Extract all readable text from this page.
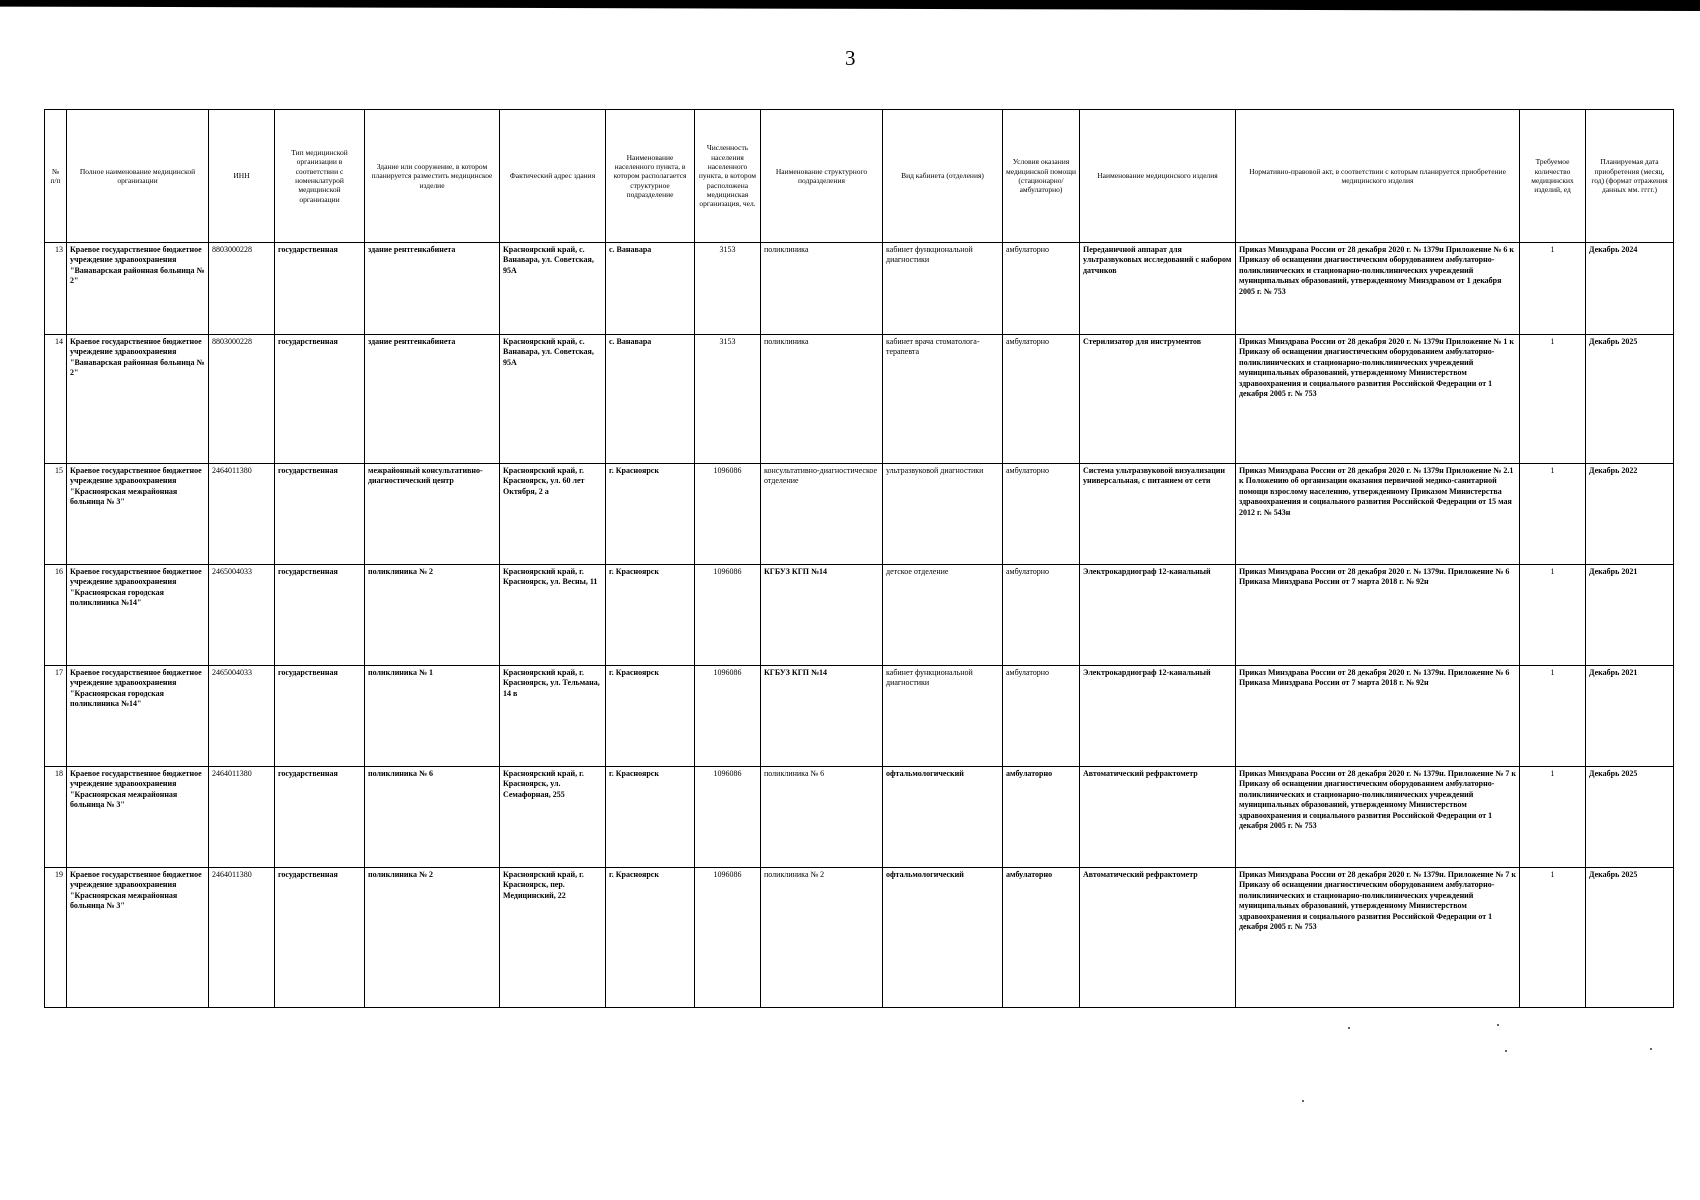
3
№ п/п	Полное наименование медицинской организации	ИНН	Тип медицинской организации в соответствии с номенклатурой медицинской организации	Здание или сооружение, в котором планируется разместить медицинское изделие	Фактический адрес здания	Наименование населенного пункта, в котором располагается структурное подразделение	Численность населения населенного пункта, в котором расположена медицинская организация, чел.	Наименование структурного подразделения	Вид кабинета (отделения)	Условия оказания медицинской помощи (стационарно/ амбулаторно)	Наименование медицинского изделия	Нормативно-правовой акт, в соответствии с которым планируется приобретение медицинского изделия	Требуемое количество медицинских изделий, ед	Планируемая дата приобретения (месяц, год) (формат отражения данных мм. гггг.)
13	Краевое государственное бюджетное учреждение здравоохранения "Ванаварская районная больница № 2"	8803000228	государственная	здание рентгенкабинета	Красноярский край, с. Ванавара, ул. Советская, 95А	с. Ванавара	3153	поликлиника	кабинет функциональной диагностики	амбулаторно	Переданичной аппарат для ультразвуковых исследований с набором датчиков	Приказ Минздрава России от 28 декабря 2020 г. № 1379н Приложение № 6 к Приказу об оснащении диагностическим оборудованием амбулаторно-поликлинических и стационарно-поликлинических учреждений муниципальных образований, утвержденному Минздравом от 1 декабря 2005 г. № 753	1	Декабрь 2024
14	Краевое государственное бюджетное учреждение здравоохранения "Ванаварская районная больница № 2"	8803000228	государственная	здание рентгенкабинета	Красноярский край, с. Ванавара, ул. Советская, 95А	с. Ванавара	3153	поликлиника	кабинет врача стоматолога-терапевта	амбулаторно	Стерилизатор для инструментов	Приказ Минздрава России от 28 декабря 2020 г. № 1379н Приложение № 1 к Приказу об оснащении диагностическим оборудованием амбулаторно-поликлинических и стационарно-поликлинических учреждений муниципальных образований, утвержденному Министерством здравоохранения и социального развития Российской Федерации от 1 декабря 2005 г. № 753	1	Декабрь 2025
15	Краевое государственное бюджетное учреждение здравоохранения "Красноярская межрайонная больница № 3"	2464011380	государственная	межрайонный консультативно-диагностический центр	Красноярский край, г. Красноярск, ул. 60 лет Октября, 2 а	г. Красноярск	1096086	консультативно-диагностическое отделение	ультразвуковой диагностики	амбулаторно	Система ультразвуковой визуализации универсальная, с питанием от сети	Приказ Минздрава России от 28 декабря 2020 г. № 1379н Приложение № 2.1 к Положению об организации оказания первичной медико-санитарной помощи взрослому населению, утвержденному Приказом Министерства здравоохранения и социального развития Российской Федерации от 15 мая 2012 г. № 543н	1	Декабрь 2022
16	Краевое государственное бюджетное учреждение здравоохранения "Красноярская городская поликлиника №14"	2465004033	государственная	поликлиника № 2	Красноярский край, г. Красноярск, ул. Весны, 11	г. Красноярск	1096086	КГБУЗ КГП №14	детское отделение	амбулаторно	Электрокардиограф 12-канальный	Приказ Минздрава России от 28 декабря 2020 г. № 1379н. Приложение № 6 Приказа Минздрава России от 7 марта 2018 г. № 92н	1	Декабрь 2021
17	Краевое государственное бюджетное учреждение здравоохранения "Красноярская городская поликлиника №14"	2465004033	государственная	поликлиника № 1	Красноярский край, г. Красноярск, ул. Тельмана, 14 в	г. Красноярск	1096086	КГБУЗ КГП №14	кабинет функциональной диагностики	амбулаторно	Электрокардиограф 12-канальный	Приказ Минздрава России от 28 декабря 2020 г. № 1379н. Приложение № 6 Приказа Минздрава России от 7 марта 2018 г. № 92н	1	Декабрь 2021
18	Краевое государственное бюджетное учреждение здравоохранения "Красноярская межрайонная больница № 3"	2464011380	государственная	поликлиника № 6	Красноярский край, г. Красноярск, ул. Семафорная, 255	г. Красноярск	1096086	поликлиника № 6	офтальмологический	амбулаторно	Автоматический рефрактометр	Приказ Минздрава России от 28 декабря 2020 г. № 1379н. Приложение № 7 к Приказу об оснащении диагностическим оборудованием амбулаторно-поликлинических и стационарно-поликлинических учреждений муниципальных образований, утвержденному Министерством здравоохранения и социального развития Российской Федерации от 1 декабря 2005 г. № 753	1	Декабрь 2025
19	Краевое государственное бюджетное учреждение здравоохранения "Красноярская межрайонная больница № 3"	2464011380	государственная	поликлиника № 2	Красноярский край, г. Красноярск, пер. Медицинский, 22	г. Красноярск	1096086	поликлиника № 2	офтальмологический	амбулаторно	Автоматический рефрактометр	Приказ Минздрава России от 28 декабря 2020 г. № 1379н. Приложение № 7 к Приказу об оснащении диагностическим оборудованием амбулаторно-поликлинических и стационарно-поликлинических учреждений муниципальных образований, утвержденному Министерством здравоохранения и социального развития Российской Федерации от 1 декабря 2005 г. № 753	1	Декабрь 2025
